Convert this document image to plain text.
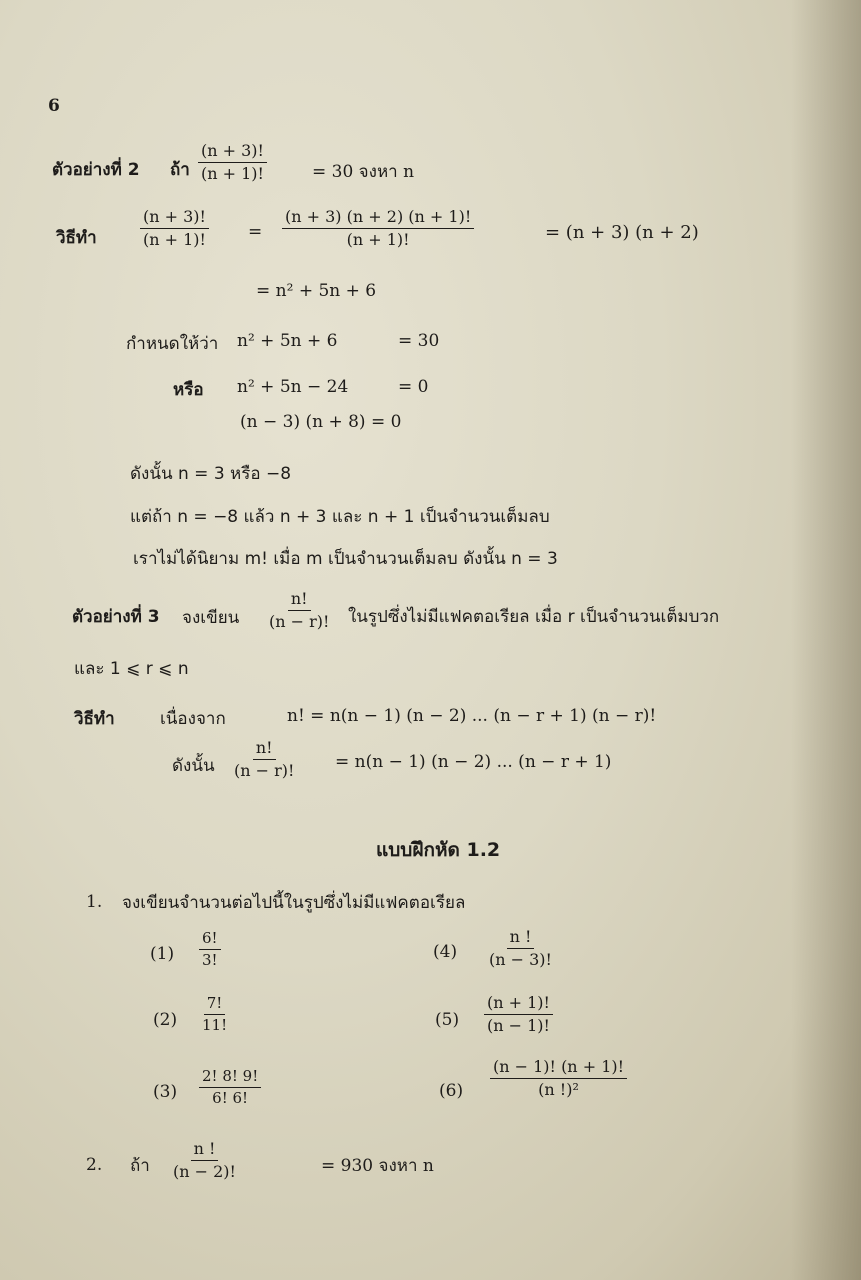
6
ตัวอย่างที่ 2 ถ้า $\frac{(n + 3)!}{(n + 1)!}$	= 30 จงหา n
วิธีทำ	$\frac{(n + 3)!}{(n + 1)!} = \frac{(n + 3) (n + 2) (n + 1)!}{(n + 1)!}$	= (n + 3) (n + 2)
= n² + 5n + 6
กำหนดให้ว่า n² + 5n + 6	= 30
หรือ n² + 5n − 24	= 0
(n − 3) (n + 8) = 0
ดังนั้น n = 3 หรือ −8
แต่ถ้า n = −8 แล้ว n + 3 และ n + 1 เป็นจำนวนเต็มลบ
เราไม่ได้นิยาม m! เมื่อ m เป็นจำนวนเต็มลบ ดังนั้น n = 3
ตัวอย่างที่ 3 จงเขียน $\frac{n!}{(n - r)!}$ ในรูปซึ่งไม่มีแฟคตอเรียล เมื่อ r เป็นจำนวนเต็มบวก
และ 1 ⩽ r ⩽ n
วิธีทำ	เนื่องจาก	n! = n(n − 1) (n − 2) ... (n − r + 1) (n − r)!
ดังนั้น $\frac{n!}{(n - r)!} = n(n - 1) (n - 2)$ ... (n − r + 1)
แบบฝึกหัด 1.2
1. จงเขียนจำนวนต่อไปนี้ในรูปซึ่งไม่มีแฟคตอเรียล
$(1) \frac{6!}{3!}$
$(2) \frac{7!}{11!}$
$(3) \frac{2! 8! 9!}{6! 6!}$
$(4) \frac{n !}{(n - 3)!}$
$(5) \frac{(n + 1)!}{(n - 1)!}$
$(6) \frac{(n - 1)! (n + 1)!}{\text{(n !)²}}$
2. ถ้า $\frac{n !}{(n - 2)!}$	= 930 จงหา n
